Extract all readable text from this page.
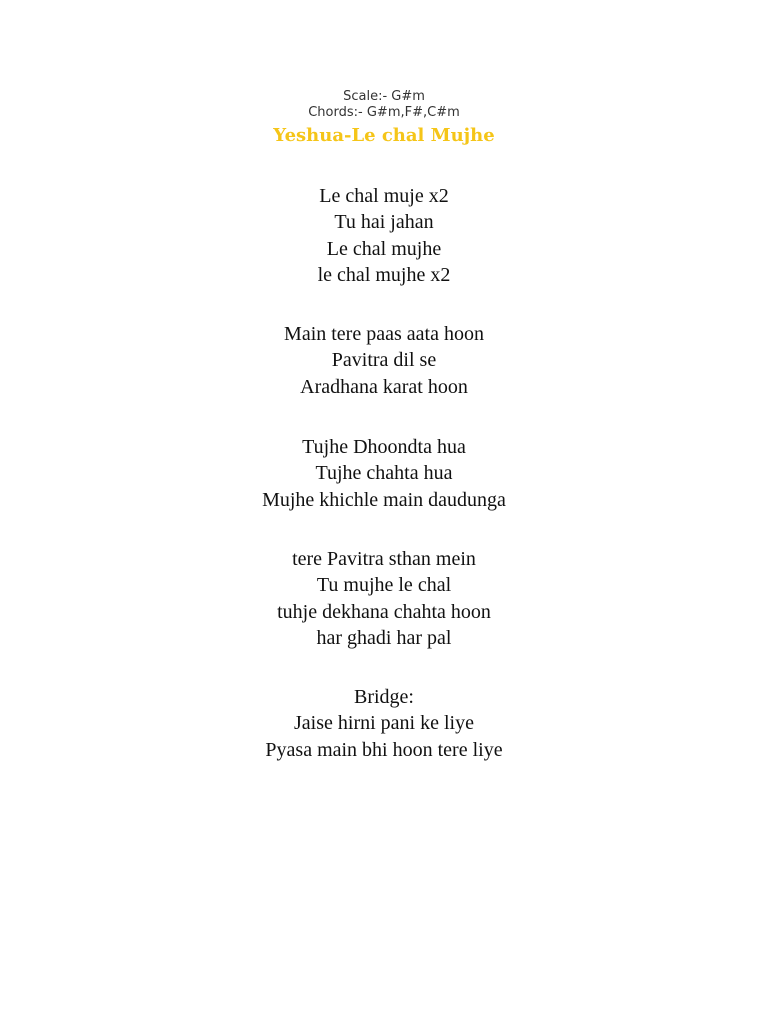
Scale:- G#m
Chords:- G#m,F#,C#m
Yeshua-Le chal Mujhe
Le chal muje x2
Tu hai jahan
Le chal mujhe
le chal mujhe x2
Main tere paas aata hoon
Pavitra dil se
Aradhana karat hoon
Tujhe Dhoondta hua
Tujhe chahta hua
Mujhe khichle main daudunga
tere Pavitra sthan mein
Tu mujhe le chal
tuhje dekhana chahta hoon
har ghadi har pal
Bridge:
Jaise hirni pani ke liye
Pyasa main bhi hoon tere liye
